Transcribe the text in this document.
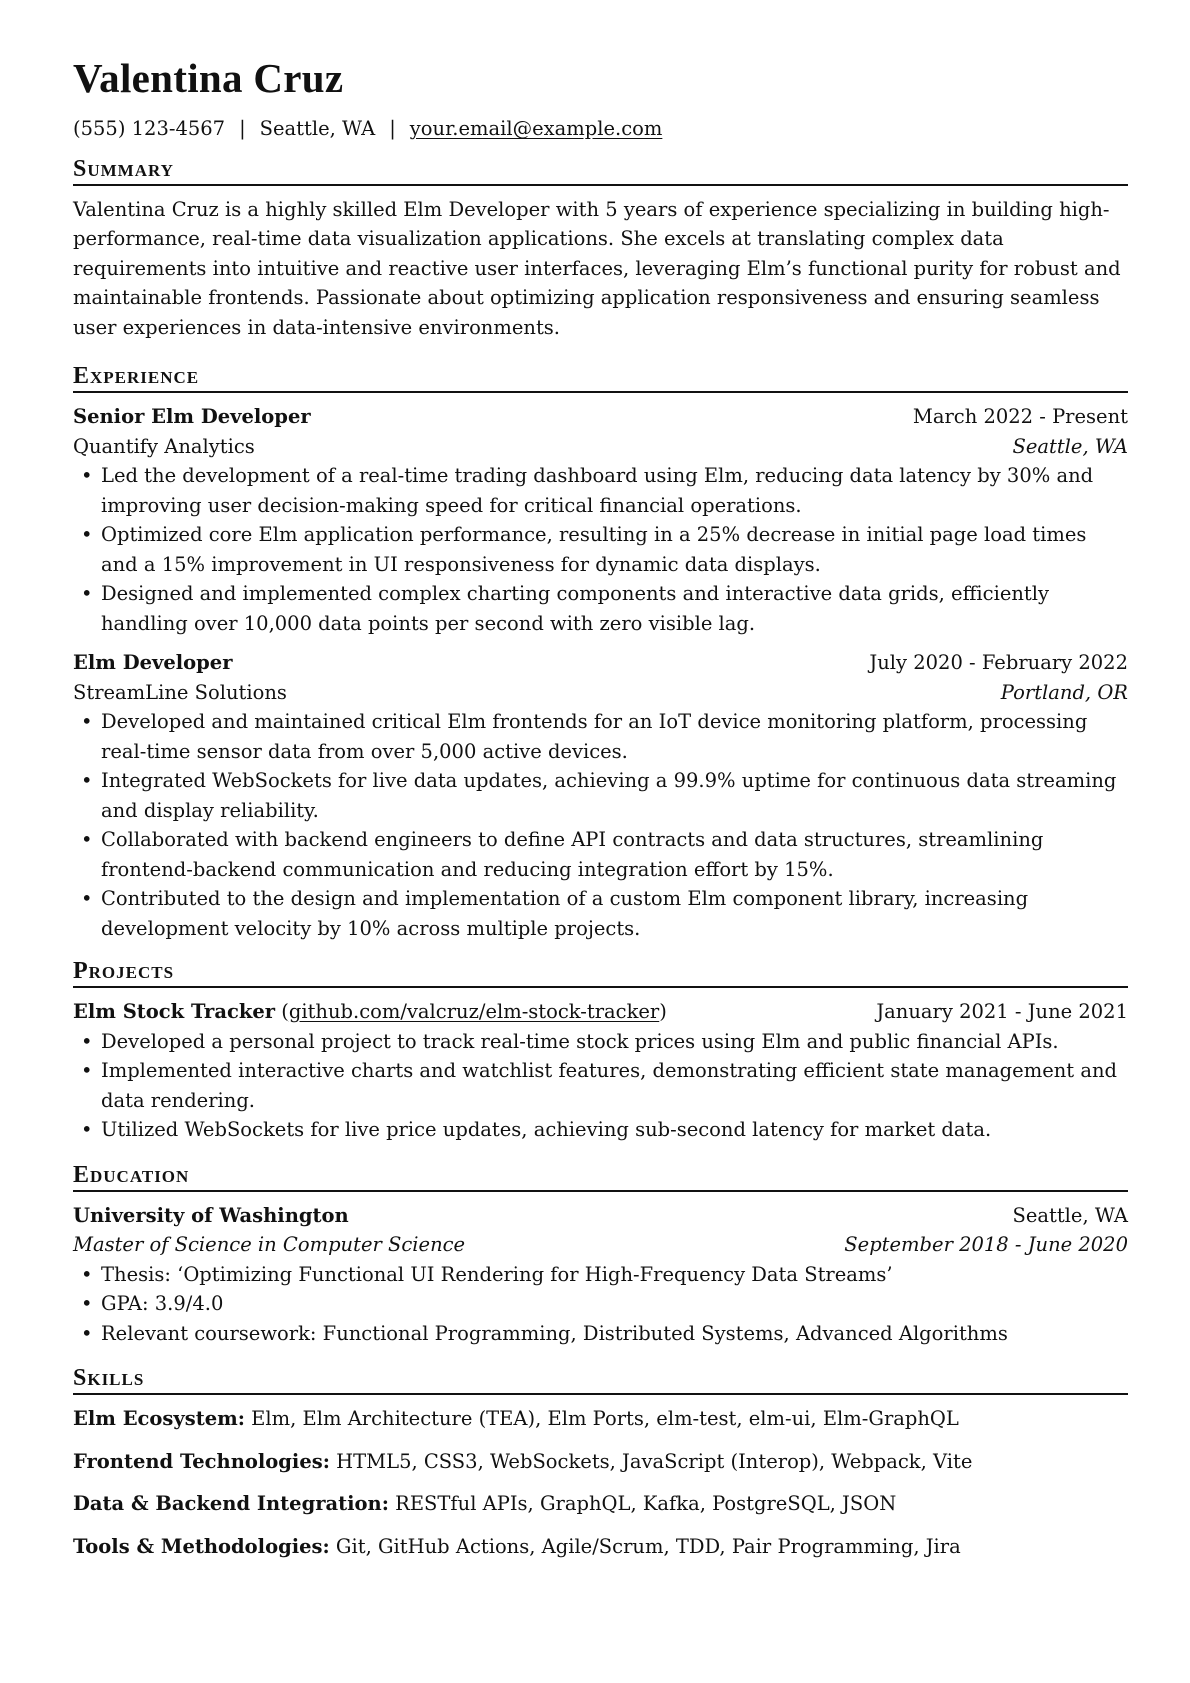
Valentina Cruz
(555) 123-4567 | Seattle, WA | your.email@example.com
Summary
Valentina Cruz is a highly skilled Elm Developer with 5 years of experience specializing in building high-performance, real-time data visualization applications. She excels at translating complex data requirements into intuitive and reactive user interfaces, leveraging Elm’s functional purity for robust and maintainable frontends. Passionate about optimizing application responsiveness and ensuring seamless user experiences in data-intensive environments.
Experience
Senior Elm Developer	March 2022 - Present
Quantify Analytics	Seattle, WA
• Led the development of a real-time trading dashboard using Elm, reducing data latency by 30% and improving user decision-making speed for critical financial operations.
• Optimized core Elm application performance, resulting in a 25% decrease in initial page load times and a 15% improvement in UI responsiveness for dynamic data displays.
• Designed and implemented complex charting components and interactive data grids, efficiently handling over 10,000 data points per second with zero visible lag.
Elm Developer	July 2020 - February 2022
StreamLine Solutions	Portland, OR
• Developed and maintained critical Elm frontends for an IoT device monitoring platform, processing real-time sensor data from over 5,000 active devices.
• Integrated WebSockets for live data updates, achieving a 99.9% uptime for continuous data streaming and display reliability.
• Collaborated with backend engineers to define API contracts and data structures, streamlining frontend-backend communication and reducing integration effort by 15%.
• Contributed to the design and implementation of a custom Elm component library, increasing development velocity by 10% across multiple projects.
Projects
Elm Stock Tracker (github.com/valcruz/elm-stock-tracker)	January 2021 - June 2021
• Developed a personal project to track real-time stock prices using Elm and public financial APIs.
• Implemented interactive charts and watchlist features, demonstrating efficient state management and data rendering.
• Utilized WebSockets for live price updates, achieving sub-second latency for market data.
Education
University of Washington	Seattle, WA
Master of Science in Computer Science	September 2018 - June 2020
• Thesis: ‘Optimizing Functional UI Rendering for High-Frequency Data Streams’
• GPA: 3.9/4.0
• Relevant coursework: Functional Programming, Distributed Systems, Advanced Algorithms
Skills
Elm Ecosystem: Elm, Elm Architecture (TEA), Elm Ports, elm-test, elm-ui, Elm-GraphQL
Frontend Technologies: HTML5, CSS3, WebSockets, JavaScript (Interop), Webpack, Vite
Data & Backend Integration: RESTful APIs, GraphQL, Kafka, PostgreSQL, JSON
Tools & Methodologies: Git, GitHub Actions, Agile/Scrum, TDD, Pair Programming, Jira
